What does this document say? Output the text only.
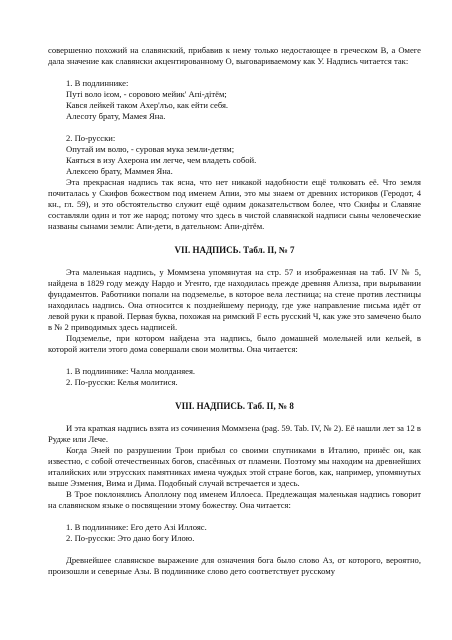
совершенно похожий на славянский, прибавив к нему только недостающее в греческом В, а Омеге дала значение как славянски акцентированному О, выговариваемому как У. Надпись читается так:

1. В подлиннике:

Путі воло ієом, - соровою мейик' Апі-дітём;

Кався лейкей таком Ахер'лъо, как ейти себя.

Алесоту брату, Мамея Яна.

2. По-русски:

Опутай им волю, - суровая мука земли-детям;

Каяться в изу Ахерона им легче, чем владеть собой.

Алексею брату, Маммея Яна.

Эта прекрасная надпись так ясна, что нет никакой надобности ещё толковать её. Что земля почиталась у Скифов божеством под именем Апии, это мы знаем от древних историков (Геродот, 4 кн., гл. 59), и это обстоятельство служит ещё одним доказательством более, что Скифы и Славяне составляли один и тот же народ; потому что здесь в чистой славянской надписи сыны человеческие названы сынами земли: Апи-дети, в дательном: Апи-дітём.

VII. НАДПИСЬ. Табл. II, № 7

Эта маленькая надпись, у Моммзена упомянутая на стр. 57 и изображенная на таб. IV № 5, найдена в 1829 году между Нардо и Угенто, где находилась прежде древняя Ализза, при вырывании фундаментов. Работники попали на подземелье, в которое вела лестница; на стене против лестницы находилась надпись. Она относится к позднейшему периоду, где уже направление письма идёт от левой руки к правой. Первая буква, похожая на римский F есть русский Ч, как уже это замечено было в № 2 приводимых здесь надписей.

Подземелье, при котором найдена эта надпись, было домашней молельней или кельей, в которой жители этого дома совершали свои молитвы. Она читается:

1. В подлиннике: Чалла молданяея.

2. По-русски: Келья молитися.

VIII. НАДПИСЬ. Таб. II, № 8

И эта краткая надпись взята из сочинения Моммзена (pag. 59. Tab. IV, № 2). Её нашли лет за 12 в Рудже или Лече.

Когда Эней по разрушении Трои прибыл со своими спутниками в Италию, принёс он, как известно, с собой отечественных богов, спасённых от пламени. Поэтому мы находим на древнейших италийских или этрусских памятниках имена чуждых этой стране богов, как, например, упомянутых выше Эзмения, Вима и Дима. Подобный случай встречается и здесь.

В Трое поклонялись Аполлону под именем Иллоеса. Предлежащая маленькая надпись говорит на славянском языке о посвящении этому божеству. Она читается:

1. В подлиннике: Его дето Азі Иллояс.

2. По-русски: Это дано богу Илою.

Древнейшее славянское выражение для означения бога было слово Аз, от которого, вероятно, произошли и северные Азы. В подлиннике слово дето соответствует русскому
